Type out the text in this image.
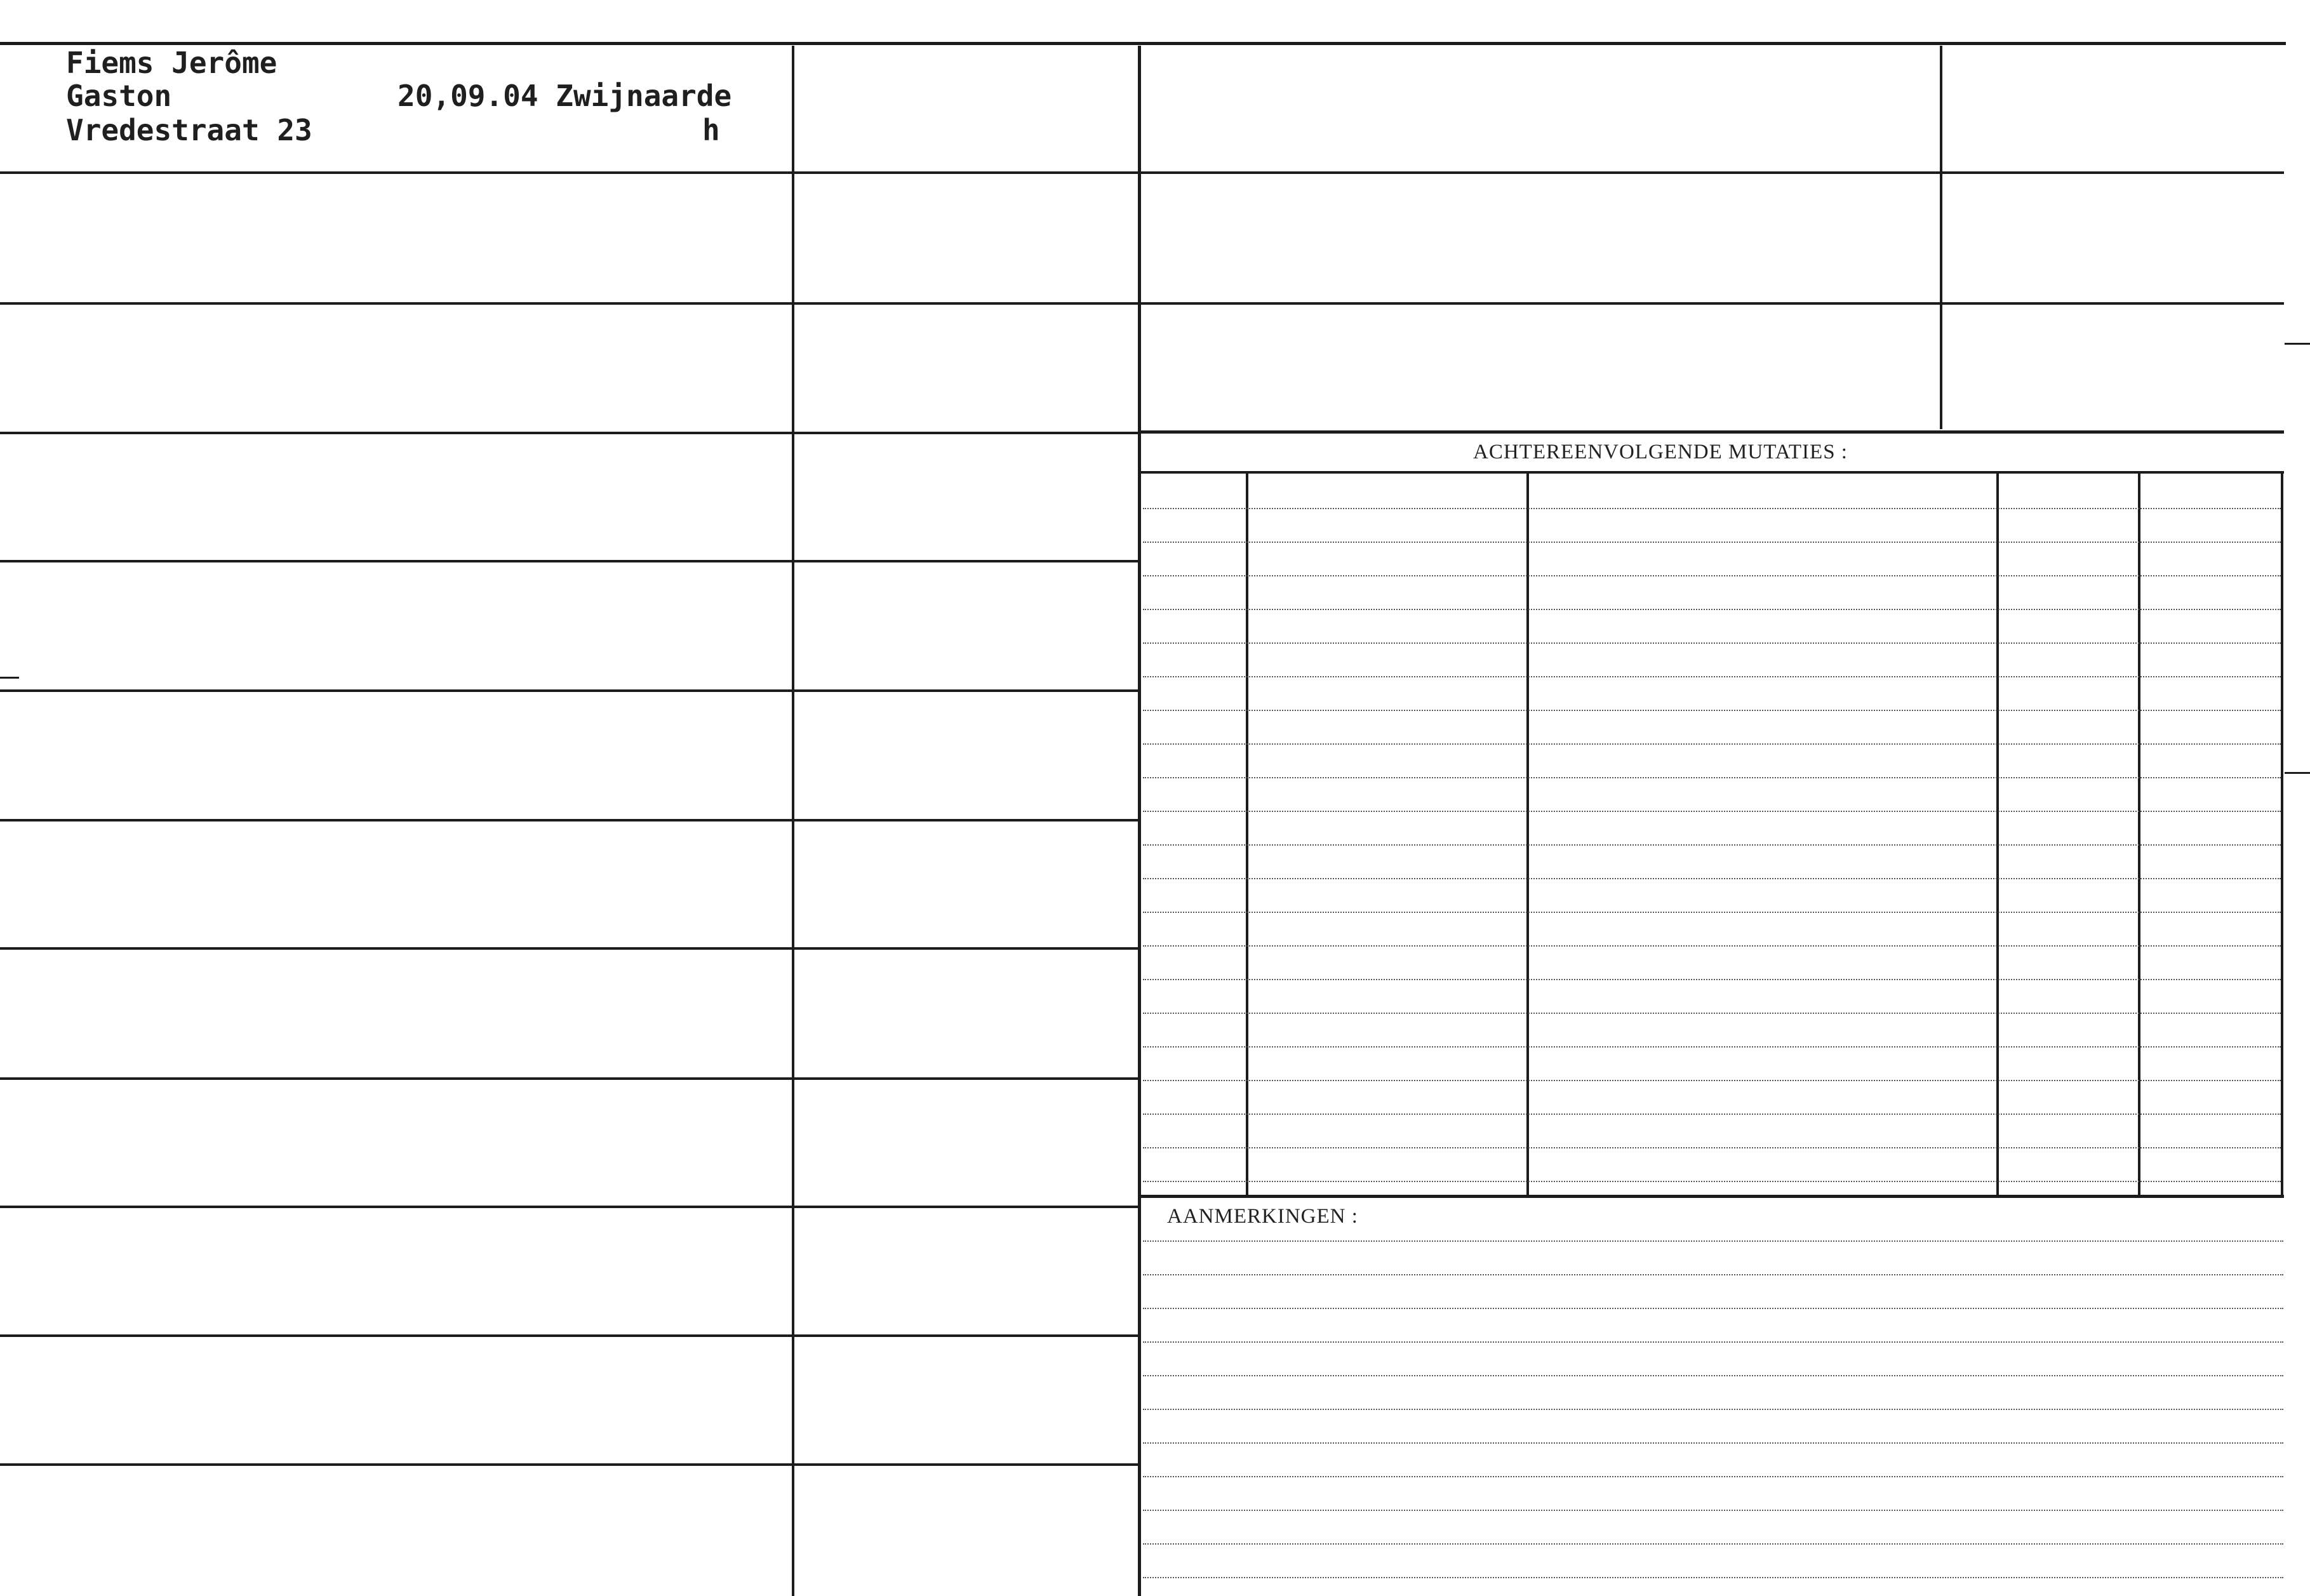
ACHTEREENVOLGENDE MUTATIES :
AANMERKINGEN :
Fiems Jerôme
Gaston	20,09.04 Zwijnaarde
Vredestraat 23	h
